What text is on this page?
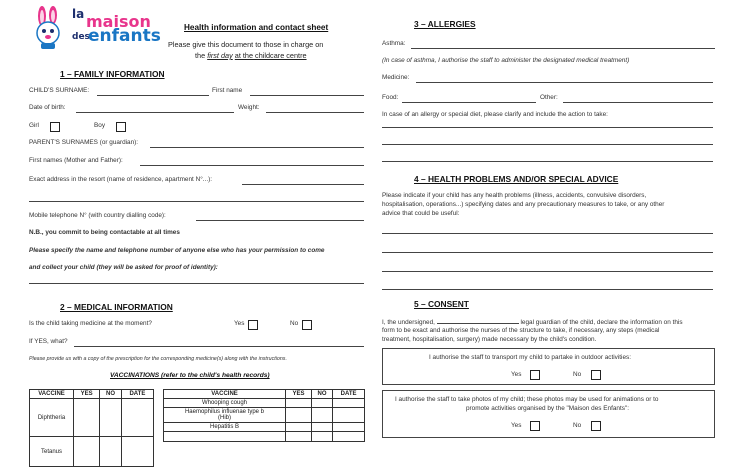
la maison
des
enfants	Health information and contact sheet
Please give this document to those in charge on
the first day at the childcare centre
1 – FAMILY INFORMATION
CHILD'S SURNAME:	First name
Date of birth:	Weight:
Girl	Boy
PARENT'S SURNAMES (or guardian):
First names (Mother and Father):
Exact address in the resort (name of residence, apartment N°...):
Mobile telephone N° (with country dialling code):
N.B., you commit to being contactable at all times
Please specify the name and telephone number of anyone else who has your permission to come
and collect your child (they will be asked for proof of identity):
2 – MEDICAL INFORMATION
Is the child taking medicine at the moment?	Yes	No
If YES, what?
Please provide us with a copy of the prescription for the corresponding medicine(s) along with the instructions.
VACCINATIONS (refer to the child's health records)
VACCINE	YES	NO	DATE
Diphtheria			
Tetanus			
VACCINE	YES	NO	DATE
Whooping cough			

Haemophilus influenae type b
(Hib)			

Hepatitis B			

3 – ALLERGIES
Asthma:
(In case of asthma, I authorise the staff to administer the designated medical treatment)
Medicine:
Food:	Other:
In case of an allergy or special diet, please clarify and include the action to take:
4 – HEALTH PROBLEMS AND/OR SPECIAL ADVICE
Please indicate if your child has any health problems (illness, accidents, convulsive disorders,
hospitalisation, operations...) specifying dates and any precautionary measures to take, or any other
advice that could be useful:
5 – CONSENT
I, the undersigned,	legal guardian of the child, declare the information on this
form to be exact and authorise the nurses of the structure to take, if necessary, any steps (medical
treatment, hospitalisation, surgery) made necessary by the child's condition.
I authorise the staff to transport my child to partake in outdoor activities:
Yes	No
I authorise the staff to take photos of my child; these photos may be used for animations or to
promote activities organised by the "Maison des Enfants":
Yes	No
